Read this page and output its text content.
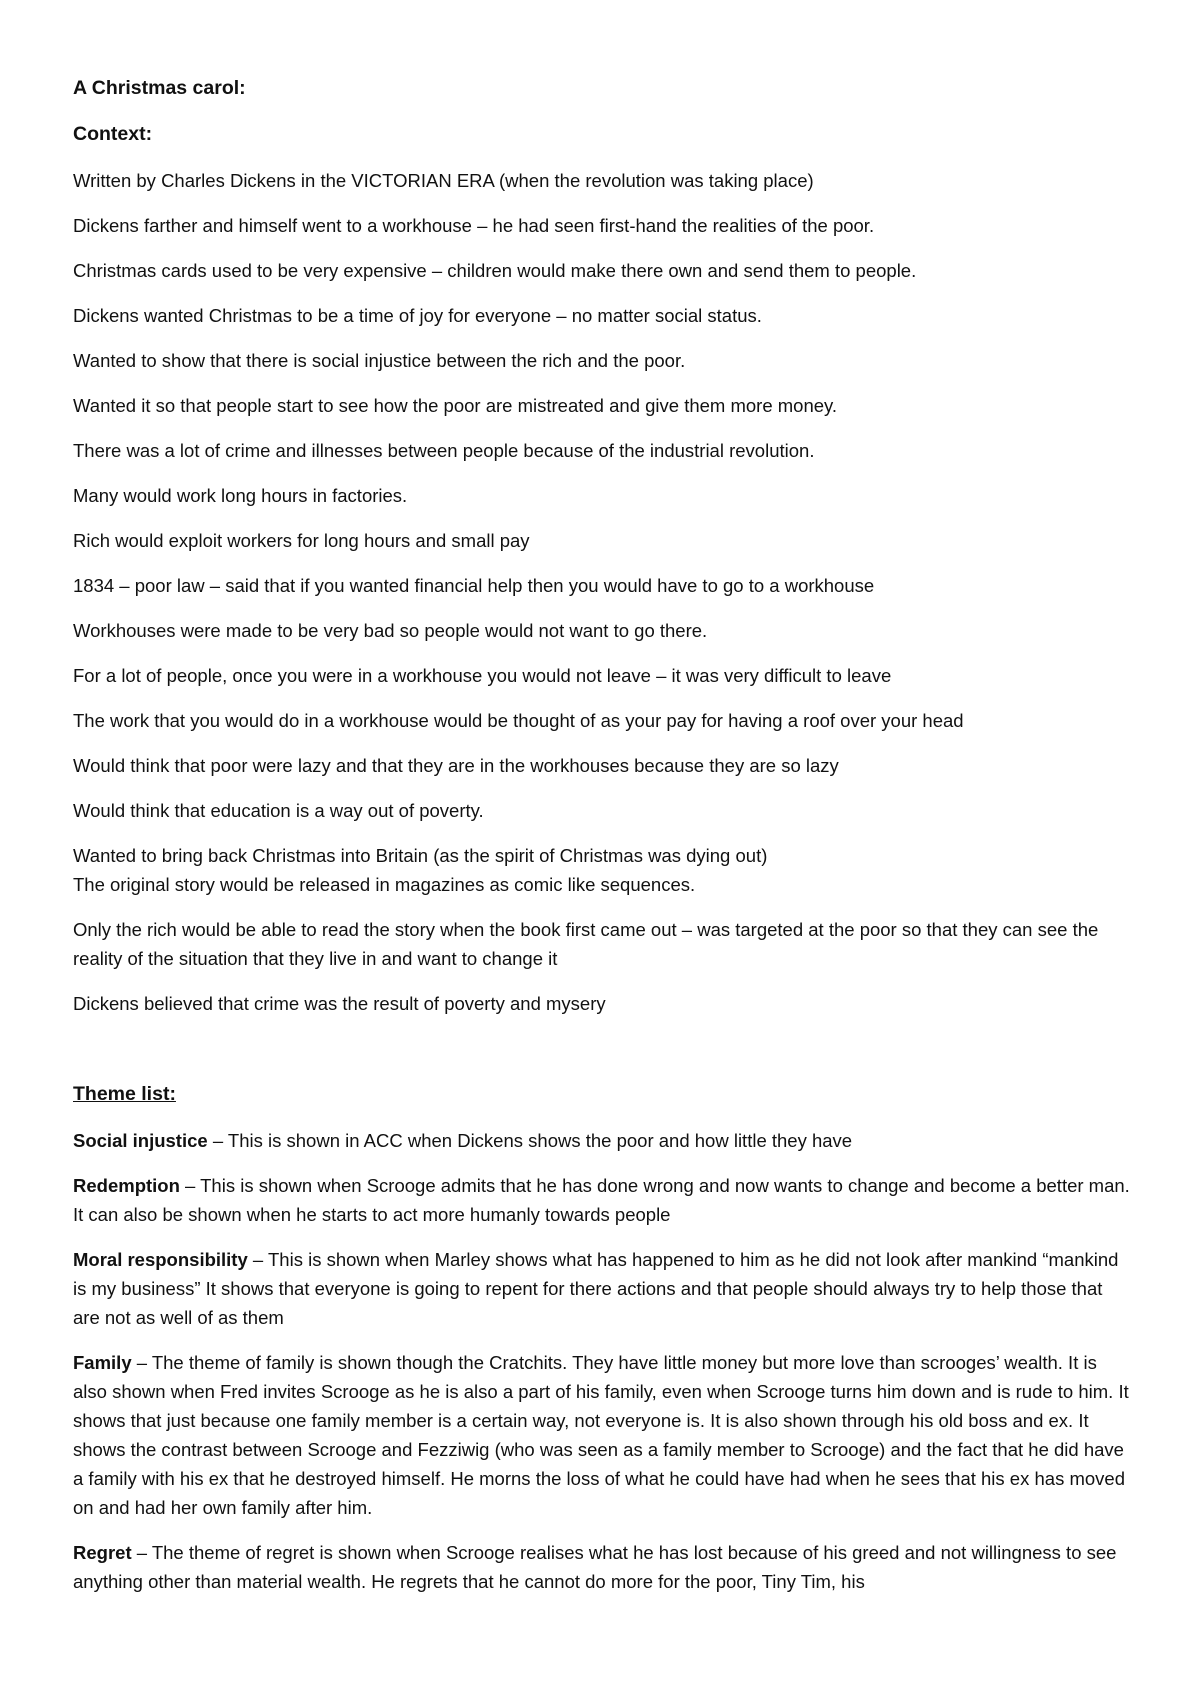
A Christmas carol:
Context:

Written by Charles Dickens in the VICTORIAN ERA (when the revolution was taking place)

Dickens farther and himself went to a workhouse – he had seen first-hand the realities of the poor.

Christmas cards used to be very expensive – children would make there own and send them to people.

Dickens wanted Christmas to be a time of joy for everyone – no matter social status.

Wanted to show that there is social injustice between the rich and the poor.

Wanted it so that people start to see how the poor are mistreated and give them more money.

There was a lot of crime and illnesses between people because of the industrial revolution.

Many would work long hours in factories.

Rich would exploit workers for long hours and small pay

1834 – poor law – said that if you wanted financial help then you would have to go to a workhouse

Workhouses were made to be very bad so people would not want to go there.

For a lot of people, once you were in a workhouse you would not leave – it was very difficult to leave

The work that you would do in a workhouse would be thought of as your pay for having a roof over your head

Would think that poor were lazy and that they are in the workhouses because they are so lazy

Would think that education is a way out of poverty.

Wanted to bring back Christmas into Britain (as the spirit of Christmas was dying out)

The original story would be released in magazines as comic like sequences.

Only the rich would be able to read the story when the book first came out – was targeted at the poor so that they can see the reality of the situation that they live in and want to change it

Dickens believed that crime was the result of poverty and mysery

Theme list:

Social injustice – This is shown in ACC when Dickens shows the poor and how little they have

Redemption – This is shown when Scrooge admits that he has done wrong and now wants to change and become a better man. It can also be shown when he starts to act more humanly towards people

Moral responsibility – This is shown when Marley shows what has happened to him as he did not look after mankind “mankind is my business” It shows that everyone is going to repent for there actions and that people should always try to help those that are not as well of as them

Family – The theme of family is shown though the Cratchits. They have little money but more love than scrooges’ wealth. It is also shown when Fred invites Scrooge as he is also a part of his family, even when Scrooge turns him down and is rude to him. It shows that just because one family member is a certain way, not everyone is. It is also shown through his old boss and ex. It shows the contrast between Scrooge and Fezziwig (who was seen as a family member to Scrooge) and the fact that he did have a family with his ex that he destroyed himself. He morns the loss of what he could have had when he sees that his ex has moved on and had her own family after him.

Regret – The theme of regret is shown when Scrooge realises what he has lost because of his greed and not willingness to see anything other than material wealth. He regrets that he cannot do more for the poor, Tiny Tim, his
